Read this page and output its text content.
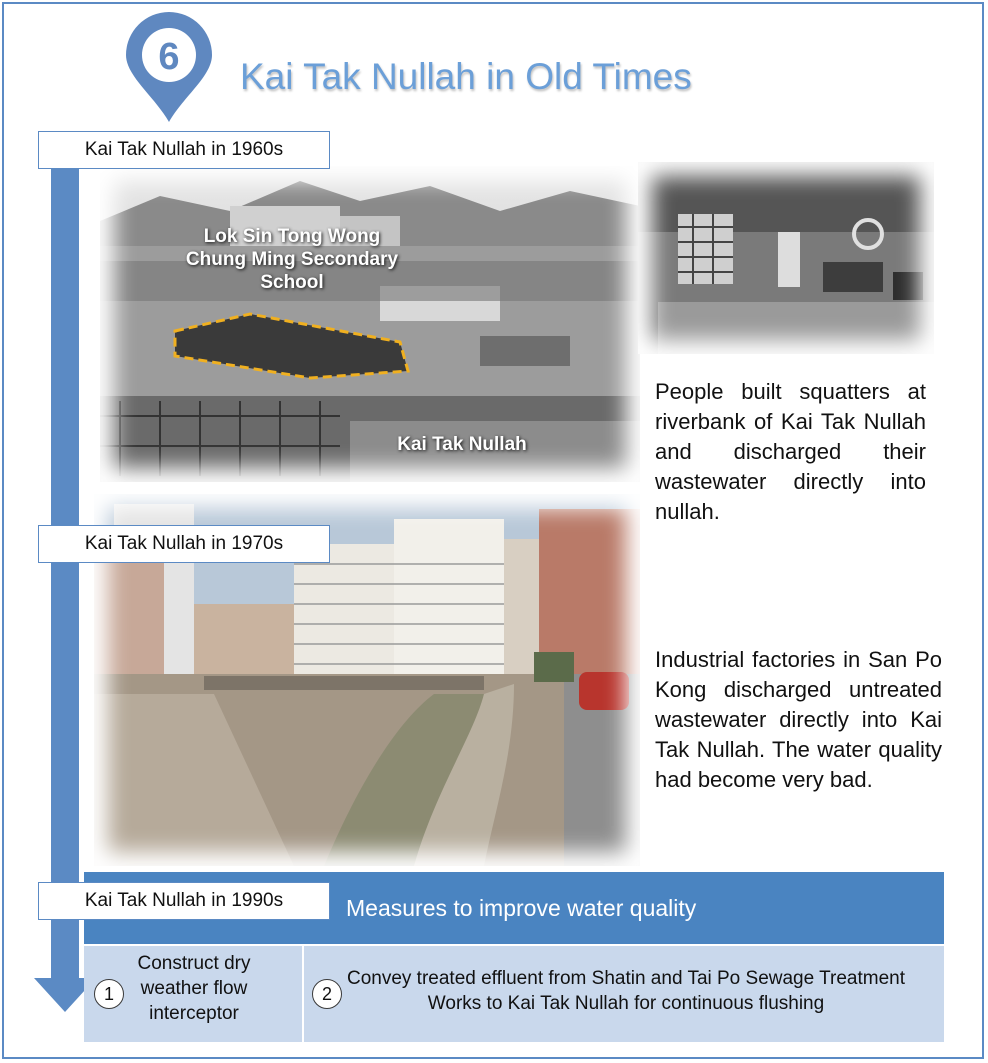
6 Kai Tak Nullah in Old Times
Lok Sin Tong Wong Chung Ming Secondary School
Kai Tak Nullah
People built squatters at riverbank of Kai Tak Nullah and discharged their wastewater directly into nullah.
Industrial factories in San Po Kong discharged untreated wastewater directly into Kai Tak Nullah. The water quality had become very bad.
Kai Tak Nullah in 1960s
Kai Tak Nullah in 1970s
Measures to improve water quality
Kai Tak Nullah in 1990s
1
Construct dry weather flow interceptor
2
Convey treated effluent from Shatin and Tai Po Sewage Treatment Works to Kai Tak Nullah for continuous flushing
